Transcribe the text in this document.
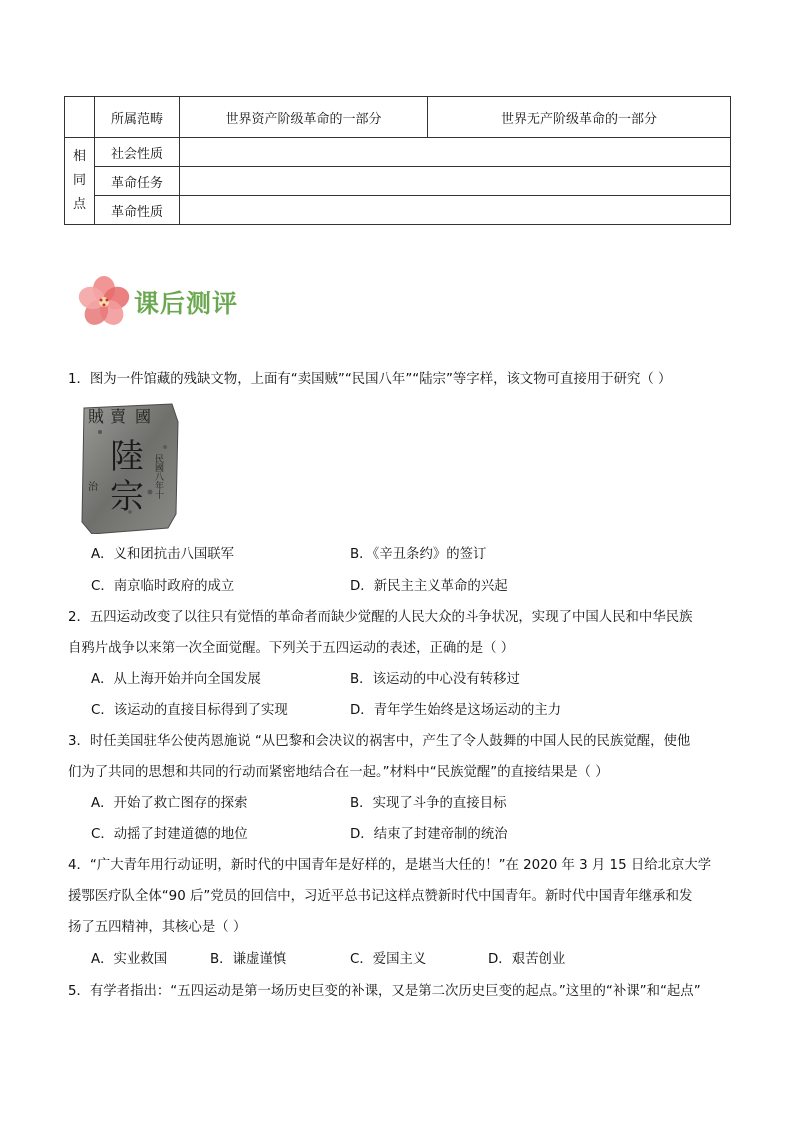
	所属范畴	世界资产阶级革命的一部分	世界无产阶级革命的一部分

相
同
点	社会性质		
	革命任务		
	革命性质		
课后测评
1．图为一件馆藏的残缺文物，上面有“卖国贼”“民国八年”“陆宗”等字样，该文物可直接用于研究（ ）
賣 國
賊
陸
宗 民國八年十
治
A．义和团抗击八国联军	B．《辛丑条约》的签订
C．南京临时政府的成立	D．新民主主义革命的兴起
2．五四运动改变了以往只有觉悟的革命者而缺少觉醒的人民大众的斗争状况，实现了中国人民和中华民族
自鸦片战争以来第一次全面觉醒。下列关于五四运动的表述，正确的是（ ）
A．从上海开始并向全国发展	B．该运动的中心没有转移过
C．该运动的直接目标得到了实现	D．青年学生始终是这场运动的主力
3．时任美国驻华公使芮恩施说 “从巴黎和会决议的祸害中，产生了令人鼓舞的中国人民的民族觉醒，使他
们为了共同的思想和共同的行动而紧密地结合在一起。”材料中“民族觉醒”的直接结果是（ ）
A．开始了救亡图存的探索	B．实现了斗争的直接目标
C．动摇了封建道德的地位	D．结束了封建帝制的统治
4．“广大青年用行动证明，新时代的中国青年是好样的，是堪当大任的！”在 2020 年 3 月 15 日给北京大学
援鄂医疗队全体“90 后”党员的回信中，习近平总书记这样点赞新时代中国青年。新时代中国青年继承和发
扬了五四精神，其核心是（ ）
A．实业救国	B．谦虚谨慎	C．爱国主义	D．艰苦创业
5．有学者指出：“五四运动是第一场历史巨变的补课，又是第二次历史巨变的起点。”这里的“补课”和“起点”
